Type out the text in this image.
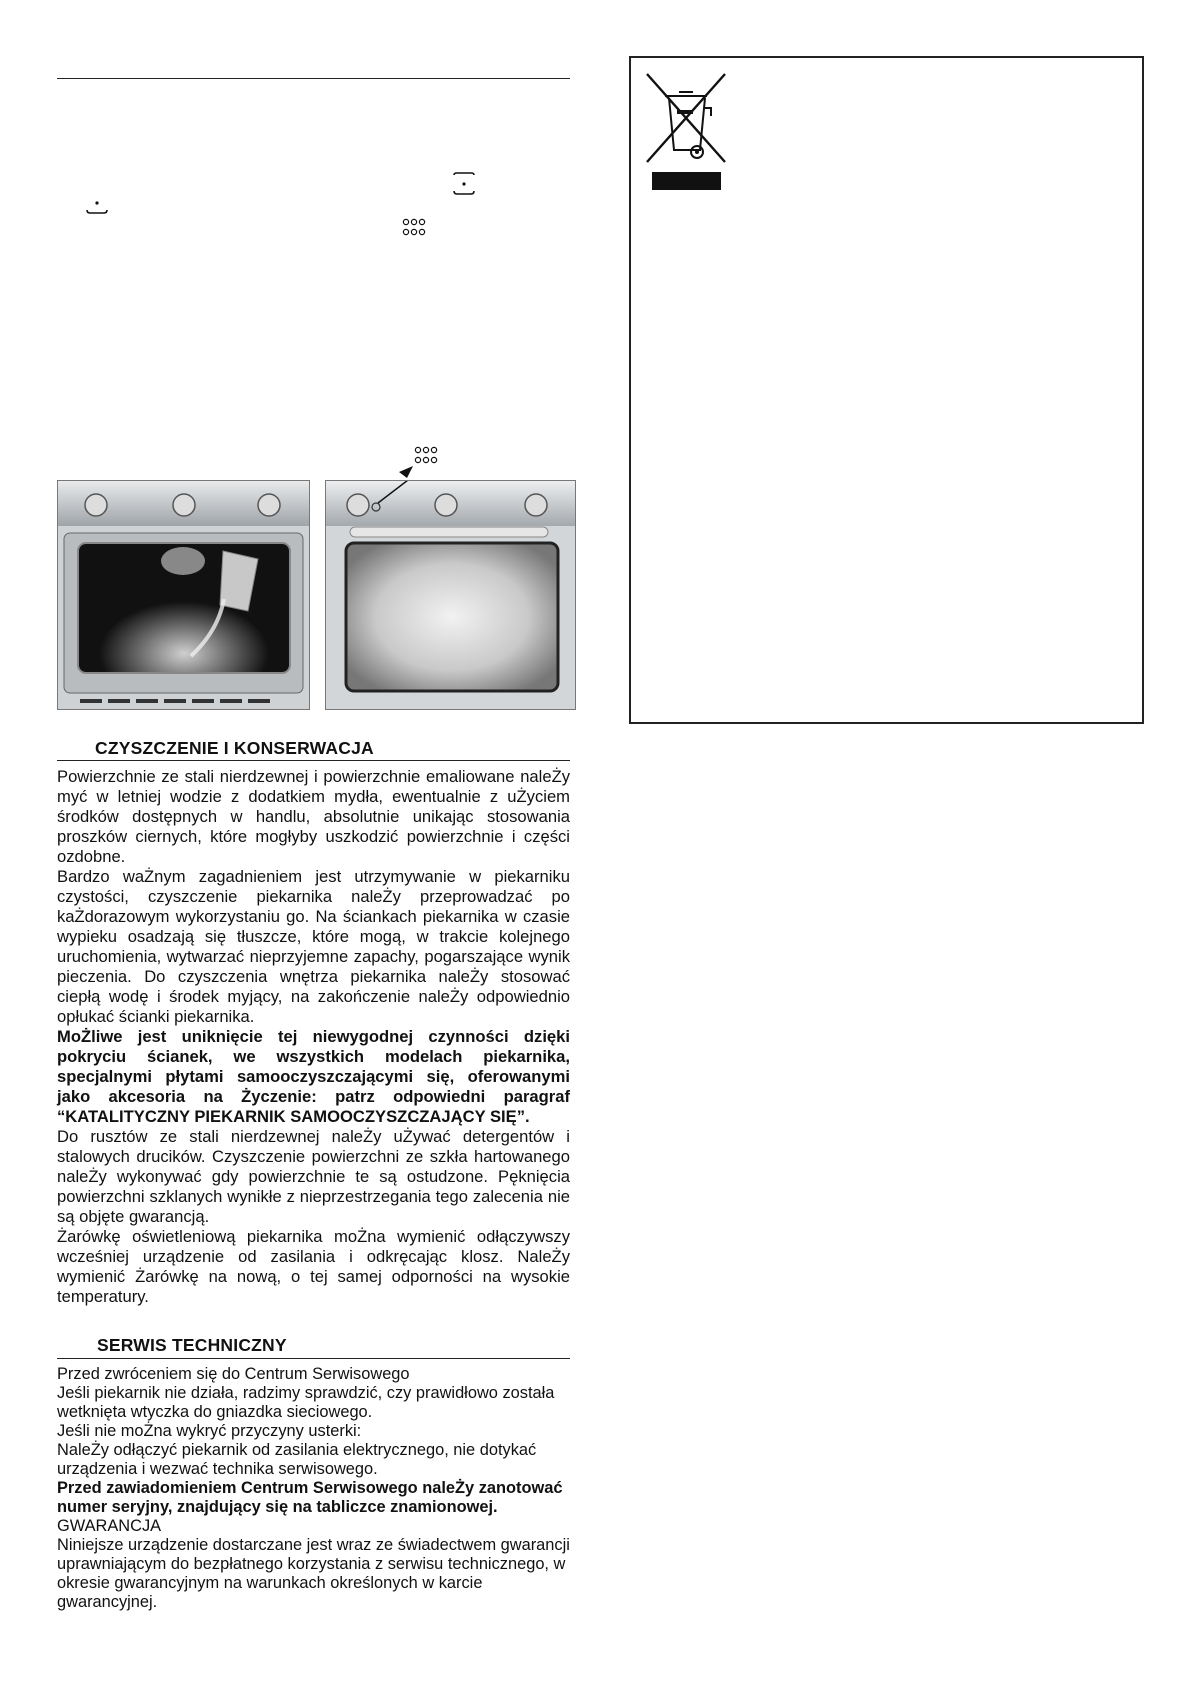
CZYSZCZENIE I KONSERWACJA

Powierzchnie ze stali nierdzewnej i powierzchnie emaliowane naleŻy myć w letniej wodzie z dodatkiem mydła, ewentualnie z uŻyciem środków dostępnych w handlu, absolutnie unikając stosowania proszków ciernych, które mogłyby uszkodzić powierzchnie i części ozdobne.

Bardzo waŻnym zagadnieniem jest utrzymywanie w piekarniku czystości, czyszczenie piekarnika naleŻy przeprowadzać po kaŻdorazowym wykorzystaniu go. Na ściankach piekarnika w czasie wypieku osadzają się tłuszcze, które mogą, w trakcie kolejnego uruchomienia, wytwarzać nieprzyjemne zapachy, pogarszające wynik pieczenia. Do czyszczenia wnętrza piekarnika naleŻy stosować ciepłą wodę i środek myjący, na zakończenie naleŻy odpowiednio opłukać ścianki piekarnika.

MoŻliwe jest uniknięcie tej niewygodnej czynności dzięki pokryciu ścianek, we wszystkich modelach piekarnika, specjalnymi płytami samooczyszczającymi się, oferowanymi jako akcesoria na Życzenie: patrz odpowiedni paragraf “KATALITYCZNY PIEKARNIK SAMOOCZYSZCZAJĄCY SIĘ”.

Do rusztów ze stali nierdzewnej naleŻy uŻywać detergentów i stalowych drucików. Czyszczenie powierzchni ze szkła hartowanego naleŻy wykonywać gdy powierzchnie te są ostudzone. Pęknięcia powierzchni szklanych wynikłe z nieprzestrzegania tego zalecenia nie są objęte gwarancją.

Żarówkę oświetleniową piekarnika moŻna wymienić odłączywszy wcześniej urządzenie od zasilania i odkręcając klosz. NaleŻy wymienić Żarówkę na nową, o tej samej odporności na wysokie temperatury.

SERWIS TECHNICZNY

Przed zwróceniem się do Centrum Serwisowego

Jeśli piekarnik nie działa, radzimy sprawdzić, czy prawidłowo została wetknięta wtyczka do gniazdka sieciowego.

Jeśli nie moŻna wykryć przyczyny usterki:

NaleŻy odłączyć piekarnik od zasilania elektrycznego, nie dotykać urządzenia i wezwać technika serwisowego.

Przed zawiadomieniem Centrum Serwisowego naleŻy zanotować numer seryjny, znajdujący się na tabliczce znamionowej.

GWARANCJA

Niniejsze urządzenie dostarczane jest wraz ze świadectwem gwarancji uprawniającym do bezpłatnego korzystania z serwisu technicznego, w okresie gwarancyjnym na warunkach określonych w karcie gwarancyjnej.
